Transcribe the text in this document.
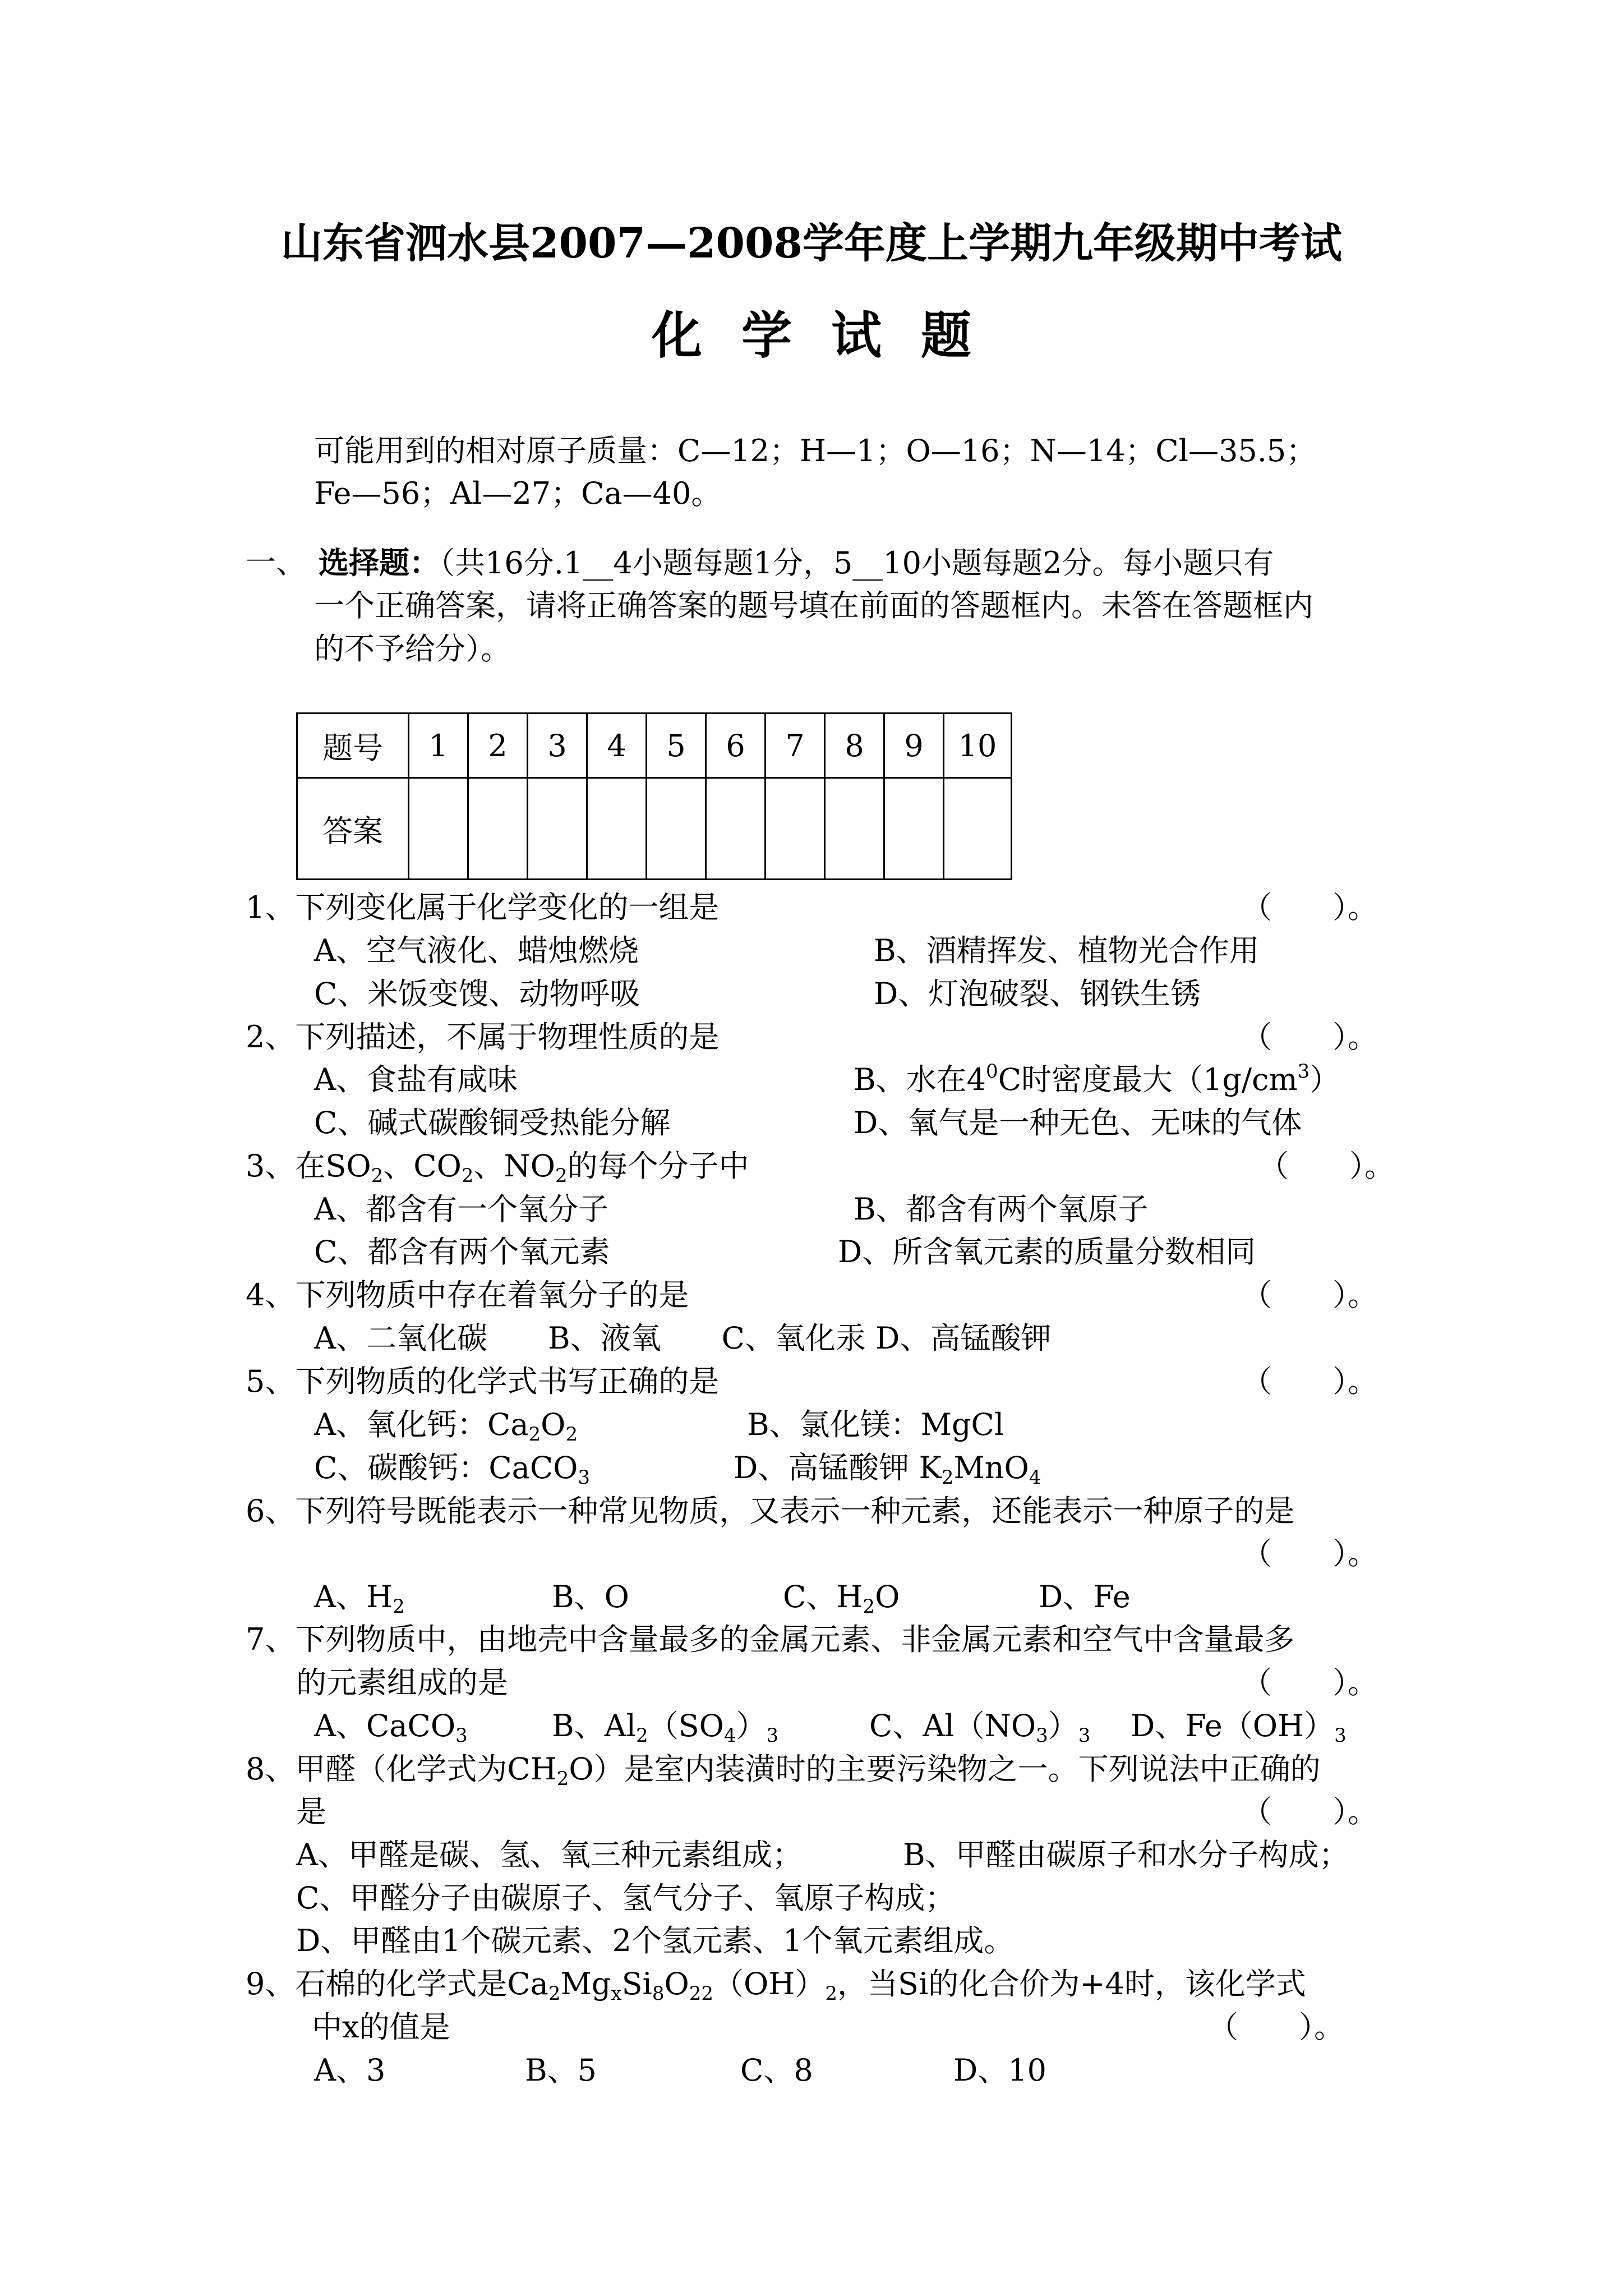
山东省泗水县2007—2008学年度上学期九年级期中考试
化学试题
可能用到的相对原子质量：C—12；H—1；O—16；N—14；Cl—35.5；
Fe—56；Al—27；Ca—40。
一、 选择题：（共16分.1__4小题每题1分，5__10小题每题2分。每小题只有
一个正确答案，请将正确答案的题号填在前面的答题框内。未答在答题框内
的不予给分）。
题号	1	2	3	4	5	6	7	8	9	10
答案										
1、下列变化属于化学变化的一组是	（　　）。
A、空气液化、蜡烛燃烧	B、酒精挥发、植物光合作用
C、米饭变馊、动物呼吸	D、灯泡破裂、钢铁生锈
2、下列描述，不属于物理性质的是	（　　）。
A、食盐有咸味	B、水在$4^0C$时密度最大$(1g/cm^3)$
C、碱式碳酸铜受热能分解	D、氧气是一种无色、无味的气体
3、在$SO_2$、$CO_2$、$NO_2$的每个分子中	（　　）。
A、都含有一个氧分子	B、都含有两个氧原子
C、都含有两个氧元素	D、所含氧元素的质量分数相同
4、下列物质中存在着氧分子的是	（　　）。
A、二氧化碳　　B、液氧　　C、氧化汞 D、高锰酸钾
5、下列物质的化学式书写正确的是	（　　）。
A、氧化钙：$Ca_2O_2$	B、氯化镁：MgCl
C、碳酸钙：CaCO$_3$	D、高锰酸钾 $K_2MnO_4$
6、下列符号既能表示一种常见物质，又表示一种元素，还能表示一种原子的是
（　　）。
A、$H_2$	B、O	C、$H_2O$	D、Fe
7、下列物质中，由地壳中含量最多的金属元素、非金属元素和空气中含量最多
的元素组成的是	（　　）。
A、CaCO$_3$	B、$Al_2(SO_4)_3$	C、$Al(NO_3)_3$ D、$Fe(OH)_3$
8、甲醛（化学式为$CH_2O$）是室内装潢时的主要污染物之一。下列说法中正确的
是	（　　）。
A、甲醛是碳、氢、氧三种元素组成；	B、甲醛由碳原子和水分子构成；
C、甲醛分子由碳原子、氢气分子、氧原子构成；
D、甲醛由1个碳元素、2个氢元素、1个氧元素组成。
9、石棉的化学式是$Ca_2Mg_xSi_8O_{22}(OH)_2$，当Si的化合价为+4时，该化学式
中x的值是	（　　）。
A、3	B、5	C、8	D、10
